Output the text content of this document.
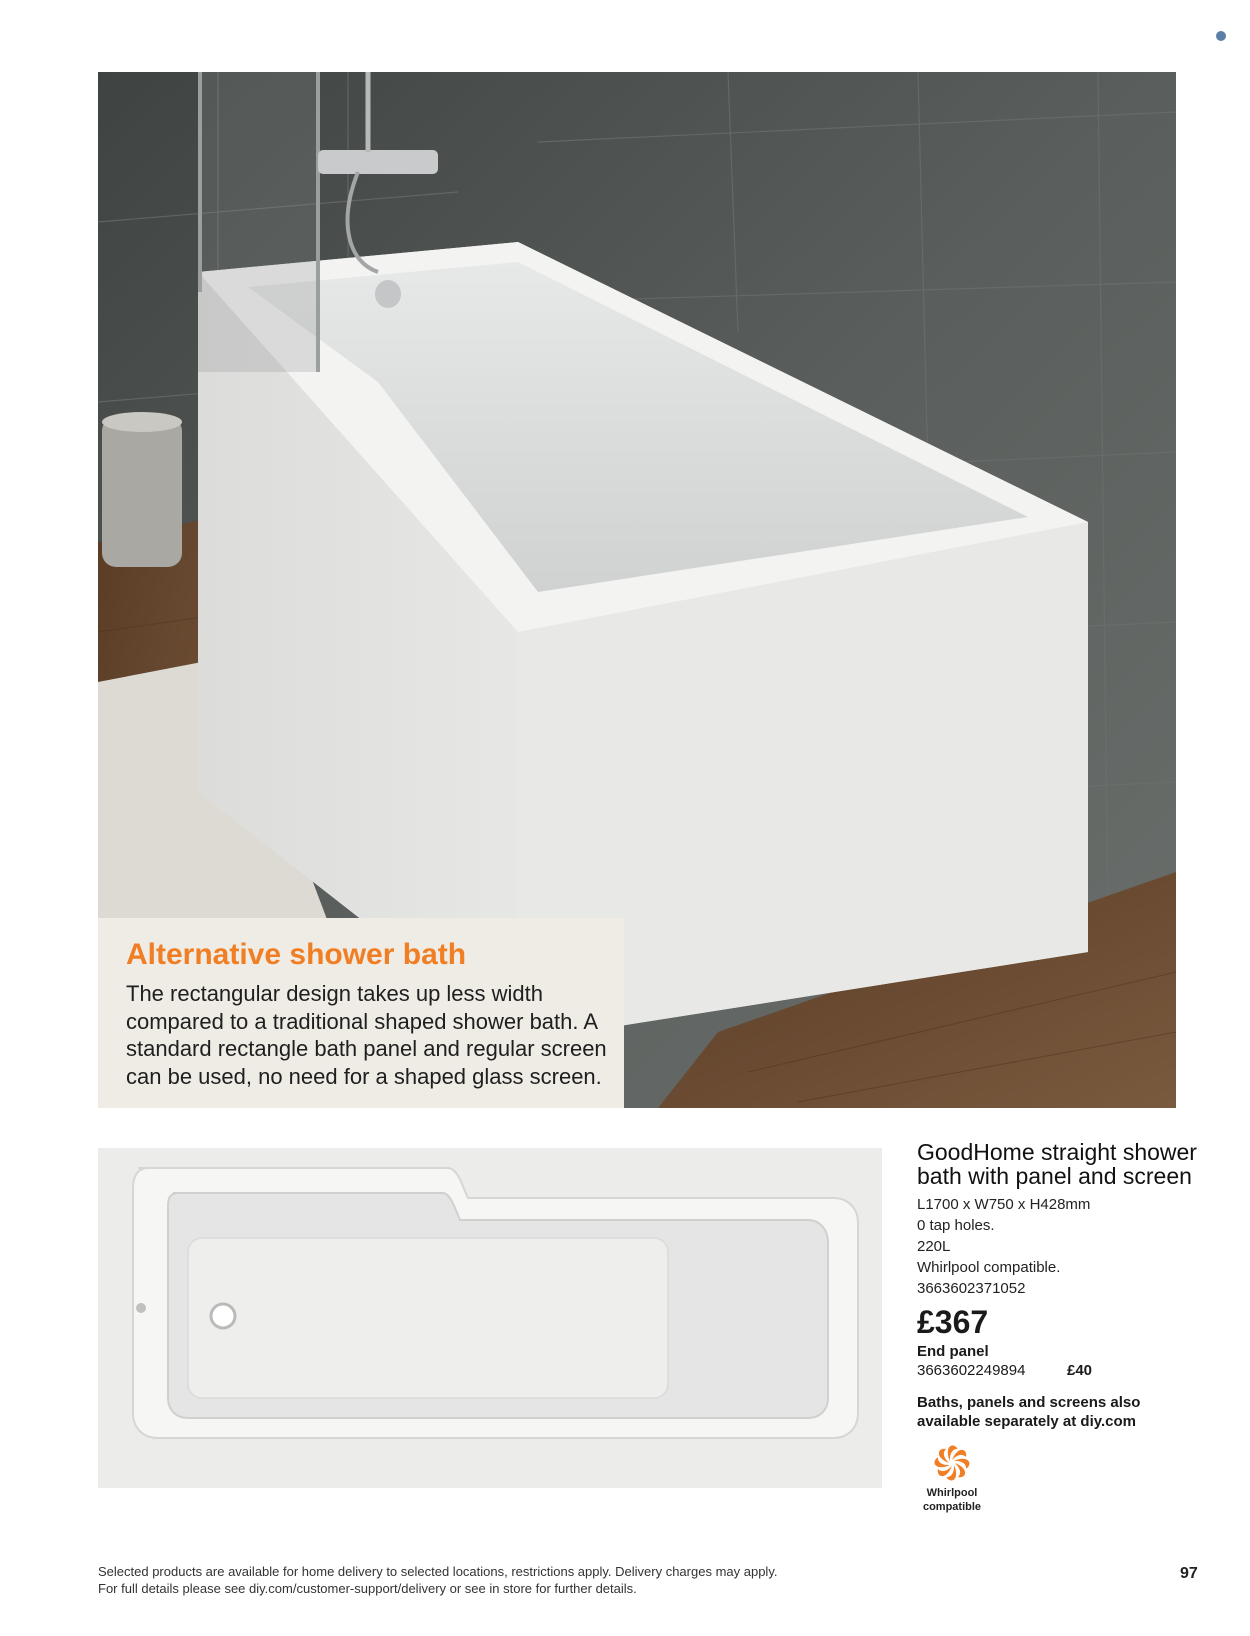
Alternative shower bath

The rectangular design takes up less width compared to a traditional shaped shower bath. A standard rectangle bath panel and regular screen can be used, no need for a shaped glass screen.

GoodHome straight shower bath with panel and screen
L1700 x W750 x H428mm
0 tap holes.
220L
Whirlpool compatible.
3663602371052
£367
End panel
3663602249894	£40
Baths, panels and screens also available separately at diy.com
Whirlpool
compatible
Selected products are available for home delivery to selected locations, restrictions apply. Delivery charges may apply.
For full details please see diy.com/customer-support/delivery or see in store for further details.
97
